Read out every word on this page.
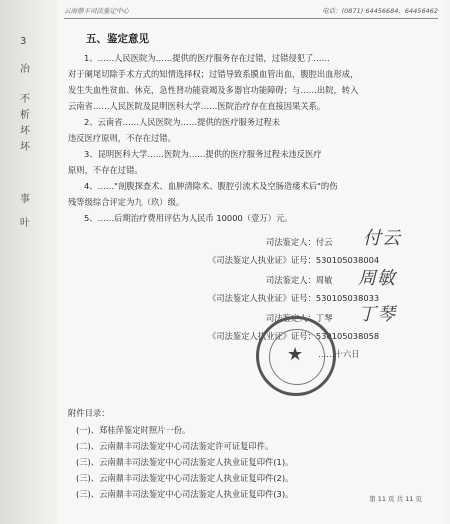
3
冶
不
析
坏
坏
事
叶
云南鼎丰司法鉴定中心	电话：(0871) 64456684、64456462
五、鉴定意见
1、……人民医院为……提供的医疗服务存在过错，过错侵犯了……
对于阑尾切除手术方式的知情选择权；过错导致系膜血管出血，腹腔出血形成，
发生失血性贫血、休克，急性肾功能衰竭及多器官功能障碍；与……出院，转入
云南省……人民医院及昆明医科大学……医院治疗存在直接因果关系。
2、云南省……人民医院为……提供的医疗服务过程未
违反医疗原则，不存在过错。
3、昆明医科大学……医院为……提供的医疗服务过程未违反医疗
原则，不存在过错。
4、……"剖腹探查术、血肿清除术、腹腔引流术及空肠造瘘术后"的伤
残等级综合评定为九（玖）级。
5、……后期治疗费用评估为人民币 10000（壹万）元。
司法鉴定人：付云 付云
《司法鉴定人执业证》证号：530105038004
司法鉴定人：周敏 周敏
《司法鉴定人执业证》证号：530105038033
司法鉴定人：丁琴 丁琴
《司法鉴定人执业证》证号：530105038058
★ ……十六日
附件目录：
(一)、郑桂萍鉴定时照片一份。
(二)、云南鼎丰司法鉴定中心司法鉴定许可证复印件。
(三)、云南鼎丰司法鉴定中心司法鉴定人执业证复印件(1)。
(三)、云南鼎丰司法鉴定中心司法鉴定人执业证复印件(2)。
(三)、云南鼎丰司法鉴定中心司法鉴定人执业证复印件(3)。	第 11 页 共 11 页
